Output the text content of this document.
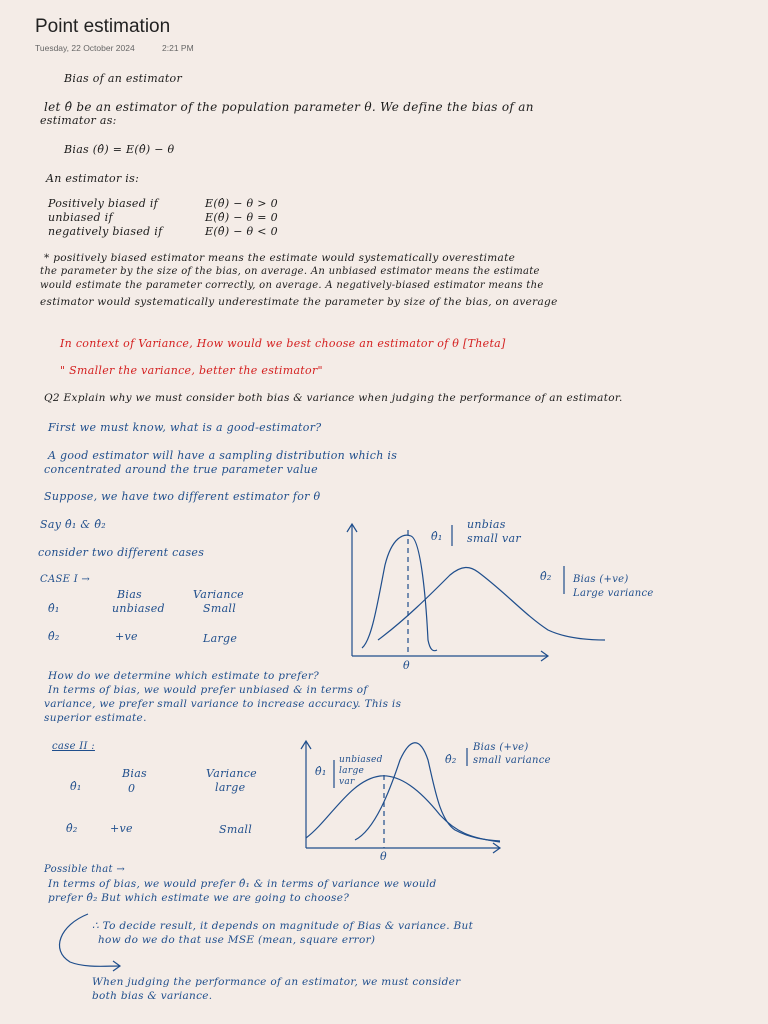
Point estimation
Tuesday, 22 October 2024	2:21 PM
Bias of an estimator
let θ̂ be an estimator of the population parameter θ. We define the bias of an
estimator as:
Bias (θ̂) = E(θ̂) − θ
An estimator is:
Positively biased if	E(θ̂) − θ > 0
unbiased if	E(θ̂) − θ = 0
negatively biased if	E(θ̂) − θ < 0
* positively biased estimator means the estimate would systematically overestimate
the parameter by the size of the bias, on average. An unbiased estimator means the estimate
would estimate the parameter correctly, on average. A negatively-biased estimator means the
estimator would systematically underestimate the parameter by size of the bias, on average
In context of Variance, How would we best choose an estimator of θ [Theta]
" Smaller the variance, better the estimator"
Q2 Explain why we must consider both bias & variance when judging the performance of an estimator.
First we must know, what is a good-estimator?
A good estimator will have a sampling distribution which is
concentrated around the true parameter value
Suppose, we have two different estimator for θ
Say θ̂₁ & θ̂₂
consider two different cases
CASE I →
Bias	Variance
θ̂₁	unbiased	Small
θ̂₂	+ve	Large
θ̂₁
unbias
small var
θ̂₂ Bias (+ve)
Large variance
θ
How do we determine which estimate to prefer?
In terms of bias, we would prefer unbiased & in terms of
variance, we prefer small variance to increase accuracy. This is
superior estimate.
case II :
Bias	Variance
θ̂₁	0	large
θ̂₂	+ve	Small
θ̂₁
unbiased
large
var
θ̂₂
Bias (+ve)
small variance
θ
Possible that →
In terms of bias, we would prefer θ̂₁ & in terms of variance we would
prefer θ̂₂ But which estimate we are going to choose?
∴ To decide result, it depends on magnitude of Bias & variance. But
how do we do that use MSE (mean, square error)
When judging the performance of an estimator, we must consider
both bias & variance.
